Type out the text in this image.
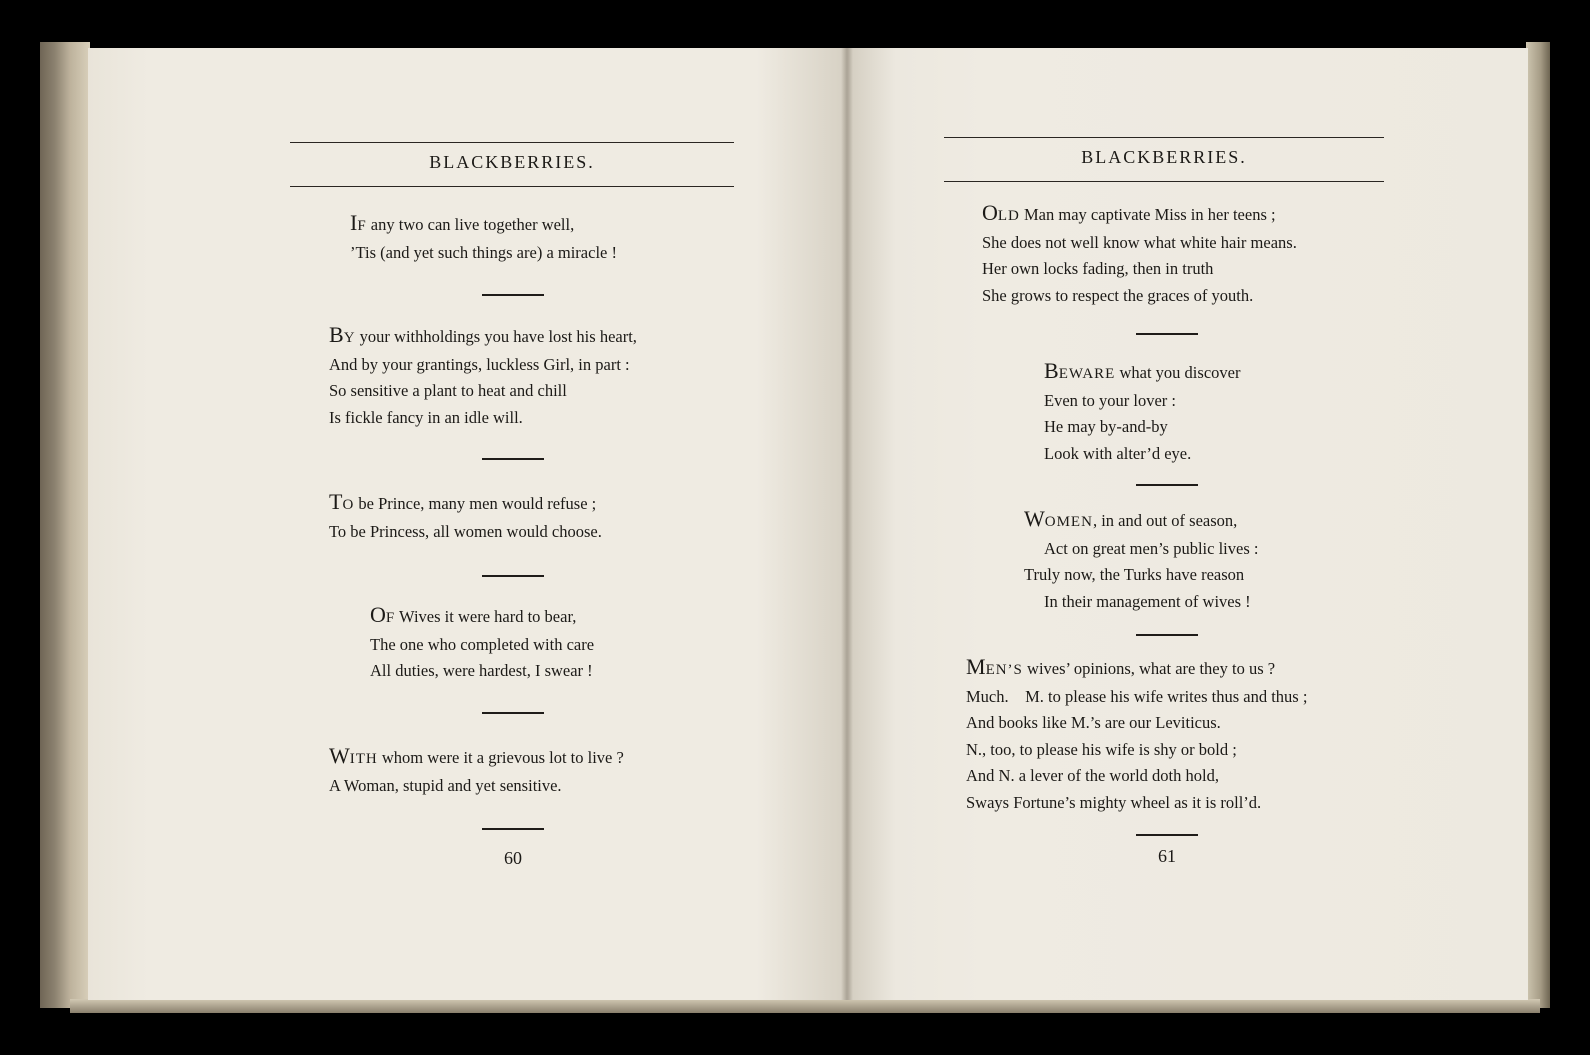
BLACKBERRIES.
IF any two can live together well,
’Tis (and yet such things are) a miracle !
BY your withholdings you have lost his heart,
And by your grantings, luckless Girl, in part :
So sensitive a plant to heat and chill
Is fickle fancy in an idle will.
TO be Prince, many men would refuse ;
To be Princess, all women would choose.
OF Wives it were hard to bear,
The one who completed with care
All duties, were hardest, I swear !
WITH whom were it a grievous lot to live ?
A Woman, stupid and yet sensitive.
60
BLACKBERRIES.
OLD Man may captivate Miss in her teens ;
She does not well know what white hair means.
Her own locks fading, then in truth
She grows to respect the graces of youth.
BEWARE what you discover
Even to your lover :
He may by-and-by
Look with alter’d eye.
WOMEN, in and out of season,
Act on great men’s public lives :
Truly now, the Turks have reason
In their management of wives !
MEN’S wives’ opinions, what are they to us ?
Much.    M. to please his wife writes thus and thus ;
And books like M.’s are our Leviticus.
N., too, to please his wife is shy or bold ;
And N. a lever of the world doth hold,
Sways Fortune’s mighty wheel as it is roll’d.
61
